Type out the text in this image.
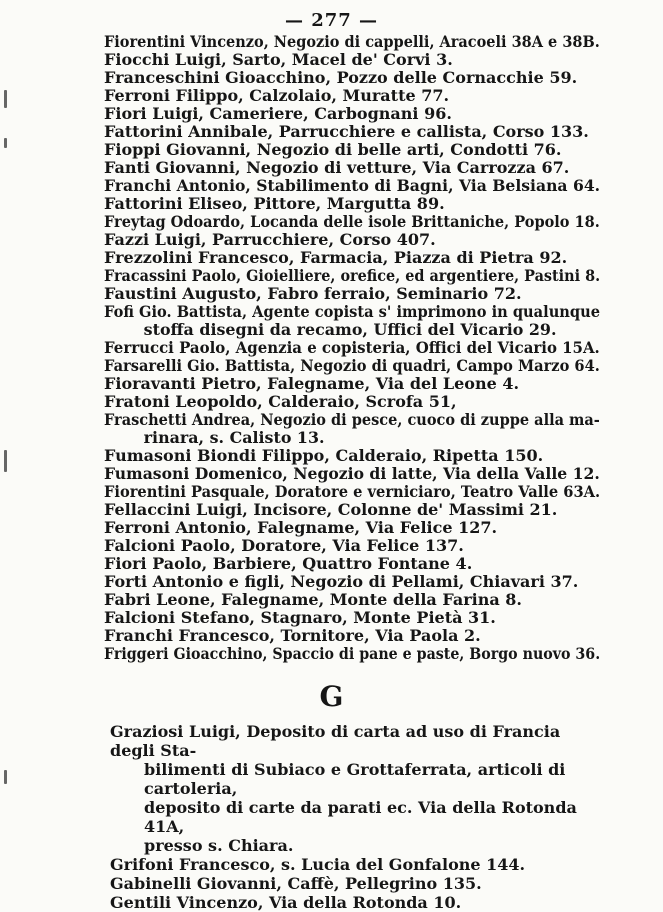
— 277 —
Fiorentini Vincenzo, Negozio di cappelli, Aracoeli 38A e 38B.
Fiocchi Luigi, Sarto, Macel de' Corvi 3.
Franceschini Gioacchino, Pozzo delle Cornacchie 59.
Ferroni Filippo, Calzolaio, Muratte 77.
Fiori Luigi, Cameriere, Carbognani 96.
Fattorini Annibale, Parrucchiere e callista, Corso 133.
Fioppi Giovanni, Negozio di belle arti, Condotti 76.
Fanti Giovanni, Negozio di vetture, Via Carrozza 67.
Franchi Antonio, Stabilimento di Bagni, Via Belsiana 64.
Fattorini Eliseo, Pittore, Margutta 89.
Freytag Odoardo, Locanda delle isole Brittaniche, Popolo 18.
Fazzi Luigi, Parrucchiere, Corso 407.
Frezzolini Francesco, Farmacia, Piazza di Pietra 92.
Fracassini Paolo, Gioielliere, orefice, ed argentiere, Pastini 8.
Faustini Augusto, Fabro ferraio, Seminario 72.
Fofi Gio. Battista, Agente copista s' imprimono in qualunque
stoffa disegni da recamo, Uffici del Vicario 29.
Ferrucci Paolo, Agenzia e copisteria, Offici del Vicario 15A.
Farsarelli Gio. Battista, Negozio di quadri, Campo Marzo 64.
Fioravanti Pietro, Falegname, Via del Leone 4.
Fratoni Leopoldo, Calderaio, Scrofa 51,
Fraschetti Andrea, Negozio di pesce, cuoco di zuppe alla ma-
rinara, s. Calisto 13.
Fumasoni Biondi Filippo, Calderaio, Ripetta 150.
Fumasoni Domenico, Negozio di latte, Via della Valle 12.
Fiorentini Pasquale, Doratore e verniciaro, Teatro Valle 63A.
Fellaccini Luigi, Incisore, Colonne de' Massimi 21.
Ferroni Antonio, Falegname, Via Felice 127.
Falcioni Paolo, Doratore, Via Felice 137.
Fiori Paolo, Barbiere, Quattro Fontane 4.
Forti Antonio e figli, Negozio di Pellami, Chiavari 37.
Fabri Leone, Falegname, Monte della Farina 8.
Falcioni Stefano, Stagnaro, Monte Pietà 31.
Franchi Francesco, Tornitore, Via Paola 2.
Friggeri Gioacchino, Spaccio di pane e paste, Borgo nuovo 36.
G
Graziosi Luigi, Deposito di carta ad uso di Francia degli Sta-
bilimenti di Subiaco e Grottaferrata, articoli di cartoleria,
deposito di carte da parati ec. Via della Rotonda 41A,
presso s. Chiara.
Grifoni Francesco, s. Lucia del Gonfalone 144.
Gabinelli Giovanni, Caffè, Pellegrino 135.
Gentili Vincenzo, Via della Rotonda 10.
